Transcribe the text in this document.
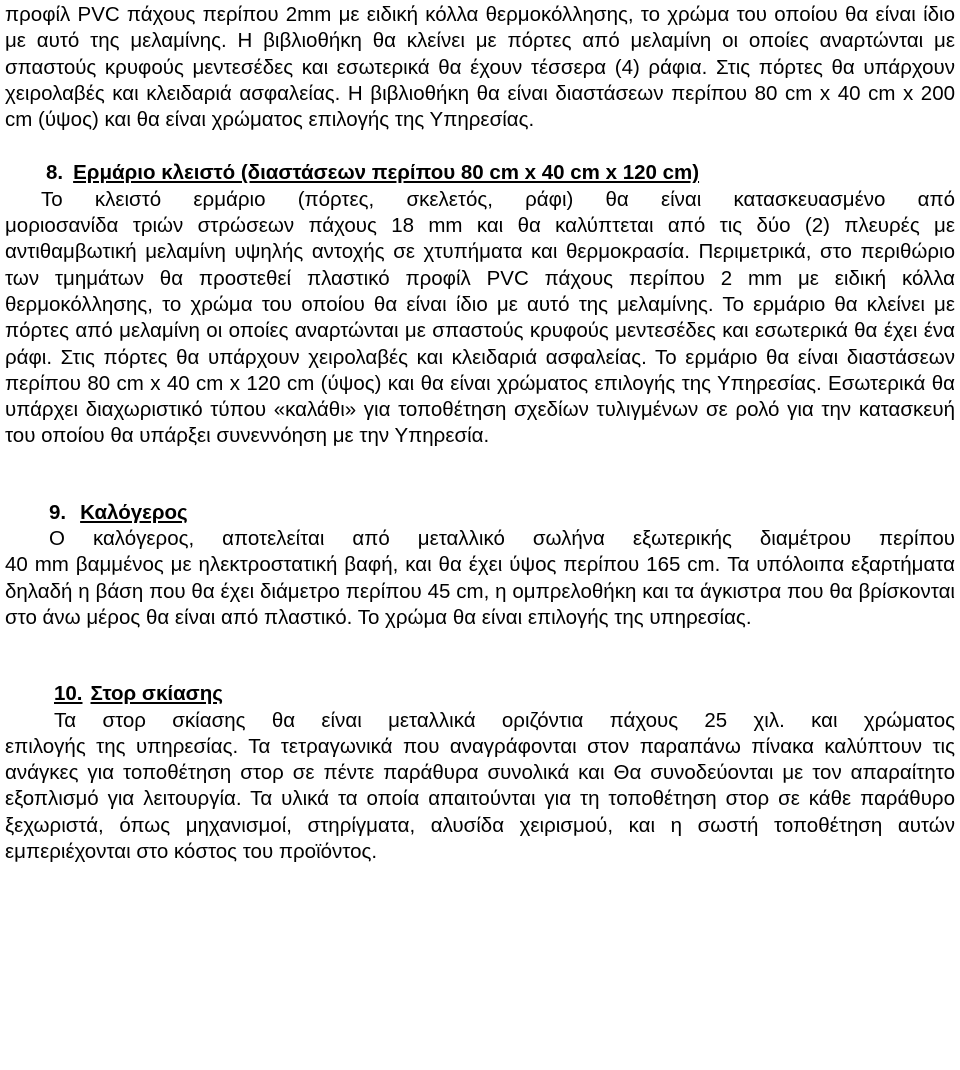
προφίλ PVC πάχους περίπου 2mm με ειδική κόλλα θερμοκόλλησης, το χρώμα του οποίου θα είναι ίδιο με αυτό της μελαμίνης. Η βιβλιοθήκη θα κλείνει με πόρτες από μελαμίνη οι οποίες αναρτώνται με σπαστούς κρυφούς μεντεσέδες και εσωτερικά θα έχουν τέσσερα (4) ράφια. Στις πόρτες θα υπάρχουν χειρολαβές και κλειδαριά ασφαλείας. Η βιβλιοθήκη θα είναι διαστάσεων περίπου 80 cm x 40 cm x 200 cm (ύψος) και θα είναι χρώματος επιλογής της Υπηρεσίας.

8. Ερμάριο κλειστό (διαστάσεων περίπου 80 cm x 40 cm x 120 cm)

Το κλειστό ερμάριο (πόρτες, σκελετός, ράφι) θα είναι κατασκευασμένο από

μοριοσανίδα τριών στρώσεων πάχους 18 mm και θα καλύπτεται από τις δύο (2) πλευρές με αντιθαμβωτική μελαμίνη υψηλής αντοχής σε χτυπήματα και θερμοκρασία. Περιμετρικά, στο περιθώριο των τμημάτων θα προστεθεί πλαστικό προφίλ PVC πάχους περίπου 2 mm με ειδική κόλλα θερμοκόλλησης, το χρώμα του οποίου θα είναι ίδιο με αυτό της μελαμίνης. Το ερμάριο θα κλείνει με πόρτες από μελαμίνη οι οποίες αναρτώνται με σπαστούς κρυφούς μεντεσέδες και εσωτερικά θα έχει ένα ράφι. Στις πόρτες θα υπάρχουν χειρολαβές και κλειδαριά ασφαλείας. Το ερμάριο θα είναι διαστάσεων περίπου 80 cm x 40 cm x 120 cm (ύψος) και θα είναι χρώματος επιλογής της Υπηρεσίας. Εσωτερικά θα υπάρχει διαχωριστικό τύπου «καλάθι» για τοποθέτηση σχεδίων τυλιγμένων σε ρολό για την κατασκευή του οποίου θα υπάρξει συνεννόηση με την Υπηρεσία.

9. Καλόγερος

Ο καλόγερος, αποτελείται από μεταλλικό σωλήνα εξωτερικής διαμέτρου περίπου

40 mm βαμμένος με ηλεκτροστατική βαφή, και θα έχει ύψος περίπου 165 cm. Τα υπόλοιπα εξαρτήματα δηλαδή η βάση που θα έχει διάμετρο περίπου 45 cm, η ομπρελοθήκη και τα άγκιστρα που θα βρίσκονται στο άνω μέρος θα είναι από πλαστικό. Το χρώμα θα είναι επιλογής της υπηρεσίας.

10. Στορ σκίασης

Τα στορ σκίασης θα είναι μεταλλικά οριζόντια πάχους 25 χιλ. και χρώματος

επιλογής της υπηρεσίας. Τα τετραγωνικά που αναγράφονται στον παραπάνω πίνακα καλύπτουν τις ανάγκες για τοποθέτηση στορ σε πέντε παράθυρα συνολικά και Θα συνοδεύονται με τον απαραίτητο εξοπλισμό για λειτουργία. Τα υλικά τα οποία απαιτoύνται για τη τοποθέτηση στορ σε κάθε παράθυρο ξεχωριστά, όπως μηχανισμοί, στηρίγματα, αλυσίδα χειρισμού, και η σωστή τοποθέτηση αυτών εμπεριέχονται στο κόστος του προϊόντος.
